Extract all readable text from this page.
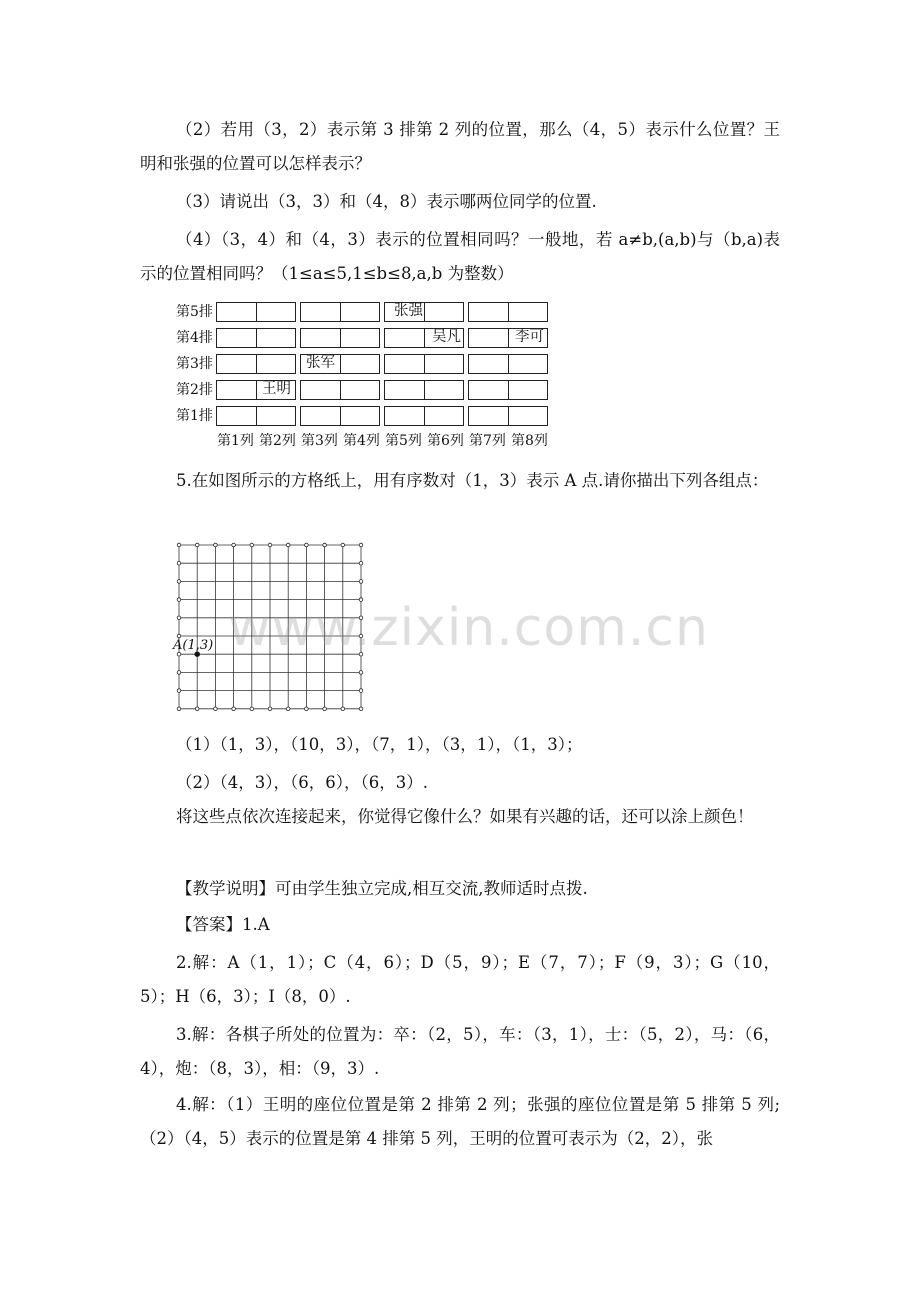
（2）若用（3，2）表示第 3 排第 2 列的位置，那么（4，5）表示什么位置？王明和张强的位置可以怎样表示？

（3）请说出（3，3）和（4，8）表示哪两位同学的位置.

（4）（3，4）和（4，3）表示的位置相同吗？一般地，若 a≠b,(a,b)与（b,a)表示的位置相同吗？（1≤a≤5,1≤b≤8,a,b 为整数）

第5排
第4排
第3排
第2排
第1排
张强
吴凡	李可
张军
王明
第1列 第2列 第3列 第4列 第5列 第6列 第7列 第8列

5.在如图所示的方格纸上，用有序数对（1，3）表示 A 点.请你描出下列各组点：

A(1,3) www.zixin.com.cn

（1）（1，3），（10，3），（7，1），（3，1），（1，3）；

（2）（4，3），（6，6），（6，3）.

将这些点依次连接起来，你觉得它像什么？如果有兴趣的话，还可以涂上颜色！

【教学说明】可由学生独立完成,相互交流,教师适时点拨.

【答案】1.A

2.解：A（1，1）；C（4，6）；D（5，9）；E（7，7）；F（9，3）；G（10，5）；H（6，3）；I（8，0）.

3.解：各棋子所处的位置为：卒：（2，5），车：（3，1），士：（5，2），马：（6，4），炮：（8，3），相：（9，3）.

4.解：（1）王明的座位位置是第 2 排第 2 列；张强的座位位置是第 5 排第 5 列;（2）（4，5）表示的位置是第 4 排第 5 列，王明的位置可表示为（2，2），张
